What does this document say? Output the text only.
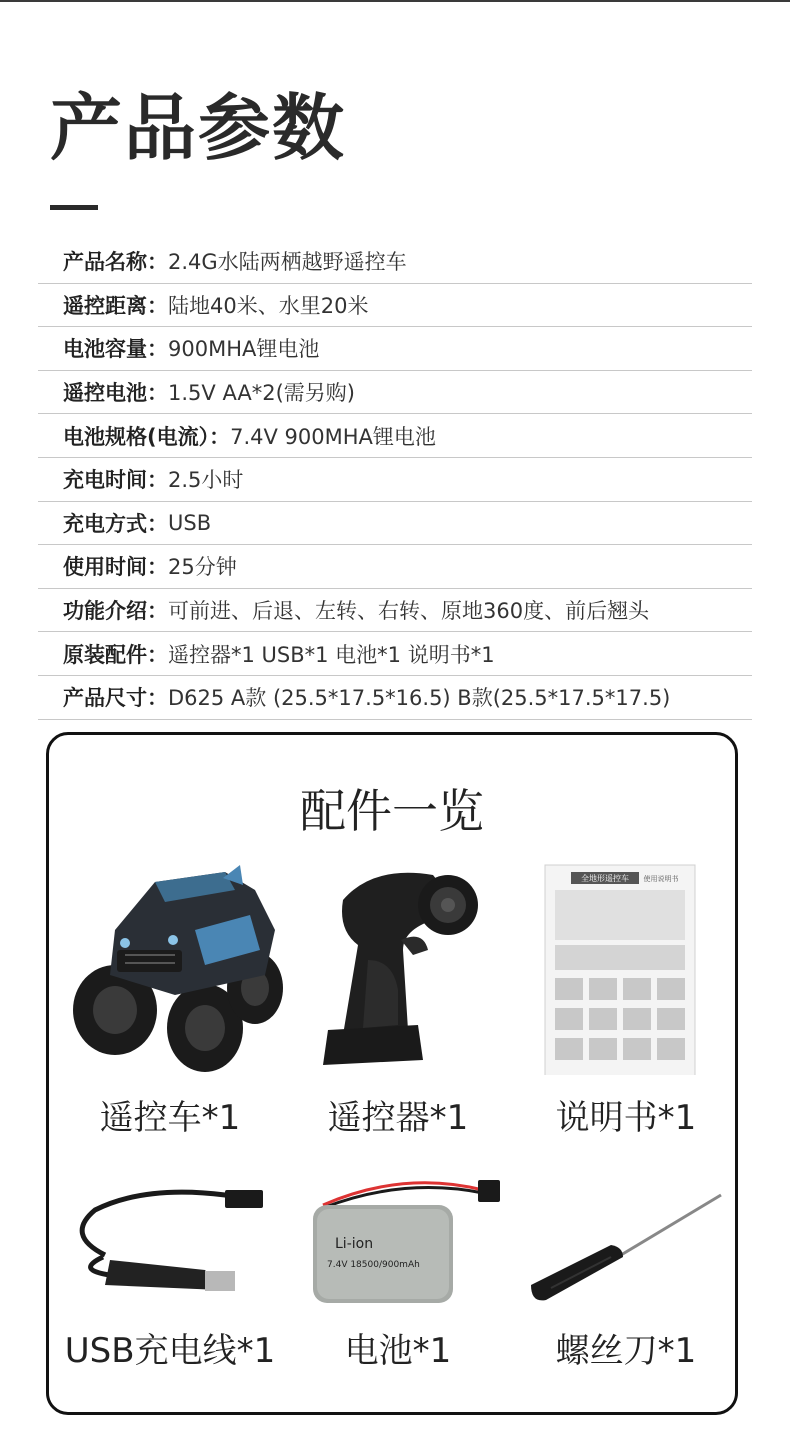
产品参数
产品名称： 2.4G水陆两栖越野遥控车
遥控距离： 陆地40米、水里20米
电池容量： 900MHA锂电池
遥控电池： 1.5V AA*2(需另购)
电池规格(电流）： 7.4V 900MHA锂电池
充电时间： 2.5小时
充电方式： USB
使用时间： 25分钟
功能介绍： 可前进、后退、左转、右转、原地360度、前后翘头
原装配件： 遥控器*1 USB*1 电池*1 说明书*1
产品尺寸： D625 A款 (25.5*17.5*16.5) B款(25.5*17.5*17.5)
配件一览
遥控车*1	遥控器*1
全地形遥控车 使用说明书
说明书*1
USB充电线*1
Li-ion
7.4V 18500/900mAh
电池*1	螺丝刀*1
